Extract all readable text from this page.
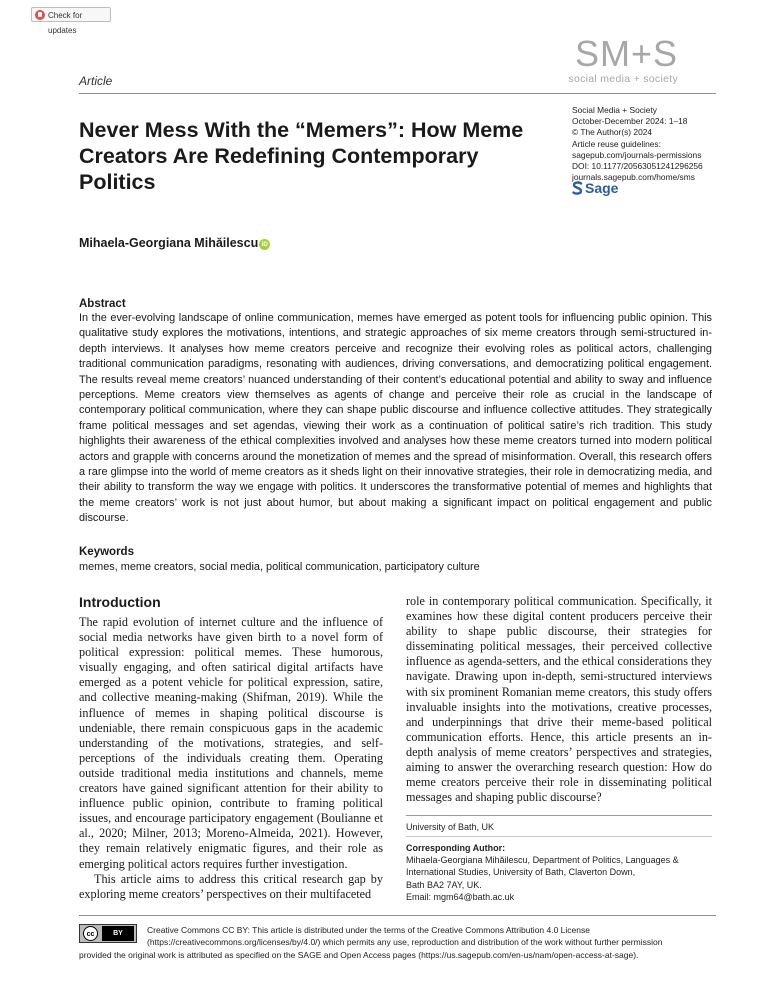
Check for updates
Article
SM+S
social media + society
Never Mess With the “Memers”: How Meme Creators Are Redefining Contemporary Politics
Social Media + Society
October-December 2024: 1–18
© The Author(s) 2024
Article reuse guidelines:
sagepub.com/journals-permissions
DOI: 10.1177/20563051241296256
journals.sagepub.com/home/sms
Sage
Mihaela-Georgiana Mihăilescu iD
Abstract
In the ever-evolving landscape of online communication, memes have emerged as potent tools for influencing public opinion. This qualitative study explores the motivations, intentions, and strategic approaches of six meme creators through semi-structured in-depth interviews. It analyses how meme creators perceive and recognize their evolving roles as political actors, challenging traditional communication paradigms, resonating with audiences, driving conversations, and democratizing political engagement. The results reveal meme creators’ nuanced understanding of their content’s educational potential and ability to sway and influence perceptions. Meme creators view themselves as agents of change and perceive their role as crucial in the landscape of contemporary political communication, where they can shape public discourse and influence collective attitudes. They strategically frame political messages and set agendas, viewing their work as a continuation of political satire’s rich tradition. This study highlights their awareness of the ethical complexities involved and analyses how these meme creators turned into modern political actors and grapple with concerns around the monetization of memes and the spread of misinformation. Overall, this research offers a rare glimpse into the world of meme creators as it sheds light on their innovative strategies, their role in democratizing media, and their ability to transform the way we engage with politics. It underscores the transformative potential of memes and highlights that the meme creators’ work is not just about humor, but about making a significant impact on political engagement and public discourse.
Keywords
memes, meme creators, social media, political communication, participatory culture
Introduction

The rapid evolution of internet culture and the influence of social media networks have given birth to a novel form of political expression: political memes. These humorous, visually engaging, and often satirical digital artifacts have emerged as a potent vehicle for political expression, satire, and collective meaning-making (Shifman, 2019). While the influence of memes in shaping political discourse is undeniable, there remain conspicuous gaps in the academic understanding of the motivations, strategies, and self-perceptions of the individuals creating them. Operating outside traditional media institutions and channels, meme creators have gained significant attention for their ability to influence public opinion, contribute to framing political issues, and encourage participatory engagement (Boulianne et al., 2020; Milner, 2013; Moreno-Almeida, 2021). However, they remain relatively enigmatic figures, and their role as emerging political actors requires further investigation.

This article aims to address this critical research gap by exploring meme creators’ perspectives on their multifaceted

role in contemporary political communication. Specifically, it examines how these digital content producers perceive their ability to shape public discourse, their strategies for disseminating political messages, their perceived collective influence as agenda-setters, and the ethical considerations they navigate. Drawing upon in-depth, semi-structured interviews with six prominent Romanian meme creators, this study offers invaluable insights into the motivations, creative processes, and underpinnings that drive their meme-based political communication efforts. Hence, this article presents an in-depth analysis of meme creators’ perspectives and strategies, aiming to answer the overarching research question: How do meme creators perceive their role in disseminating political messages and shaping public discourse?

University of Bath, UK
Corresponding Author:
Mihaela-Georgiana Mihăilescu, Department of Politics, Languages &
International Studies, University of Bath, Claverton Down,
Bath BA2 7AY, UK.
Email: mgm64@bath.ac.uk
cc	BY	Creative Commons CC BY: This article is distributed under the terms of the Creative Commons Attribution 4.0 License
(https://creativecommons.org/licenses/by/4.0/) which permits any use, reproduction and distribution of the work without further permission
provided the original work is attributed as specified on the SAGE and Open Access pages (https://us.sagepub.com/en-us/nam/open-access-at-sage).
